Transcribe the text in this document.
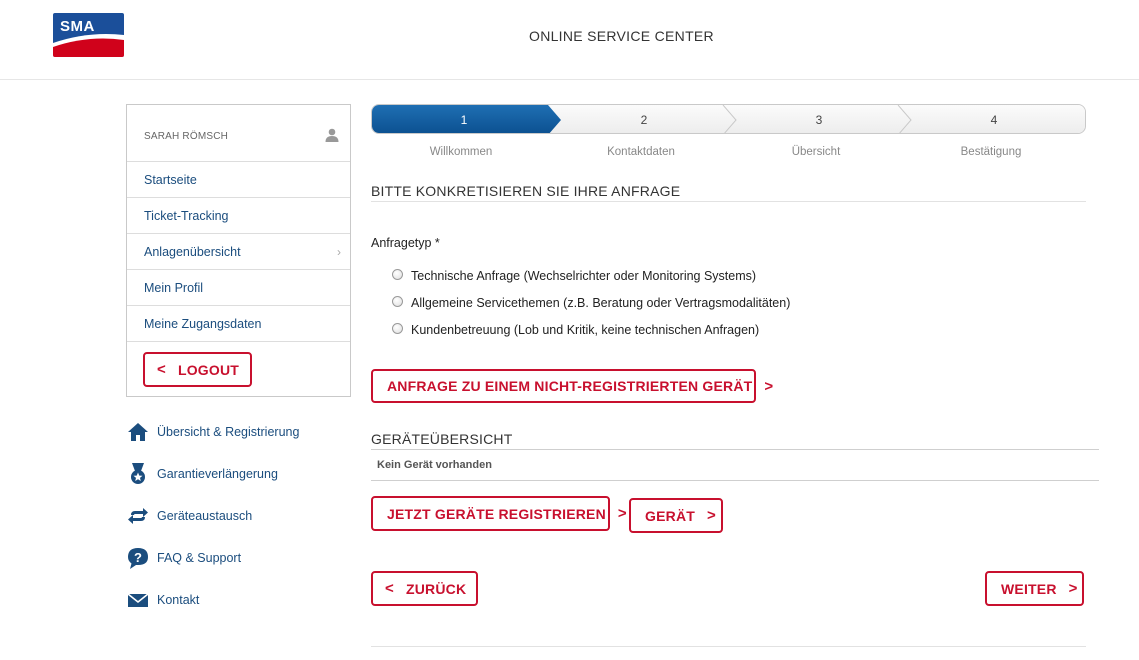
SMA
ONLINE SERVICE CENTER
SARAH RÖMSCH
Startseite
Ticket-Tracking
Anlagenübersicht	›
Mein Profil
Meine Zugangsdaten
< LOGOUT
Übersicht & Registrierung
Garantieverlängerung
Geräteaustausch
? FAQ & Support
Kontakt
1	2	3	4
Willkommen	Kontaktdaten	Übersicht	Bestätigung
BITTE KONKRETISIEREN SIE IHRE ANFRAGE
Anfragetyp *
Technische Anfrage (Wechselrichter oder Monitoring Systems)
Allgemeine Servicethemen (z.B. Beratung oder Vertragsmodalitäten)
Kundenbetreuung (Lob und Kritik, keine technischen Anfragen)
ANFRAGE ZU EINEM NICHT-REGISTRIERTEN GERÄT >
GERÄTEÜBERSICHT
Kein Gerät vorhanden
JETZT GERÄTE REGISTRIEREN > GERÄT >
< ZURÜCK	WEITER >
